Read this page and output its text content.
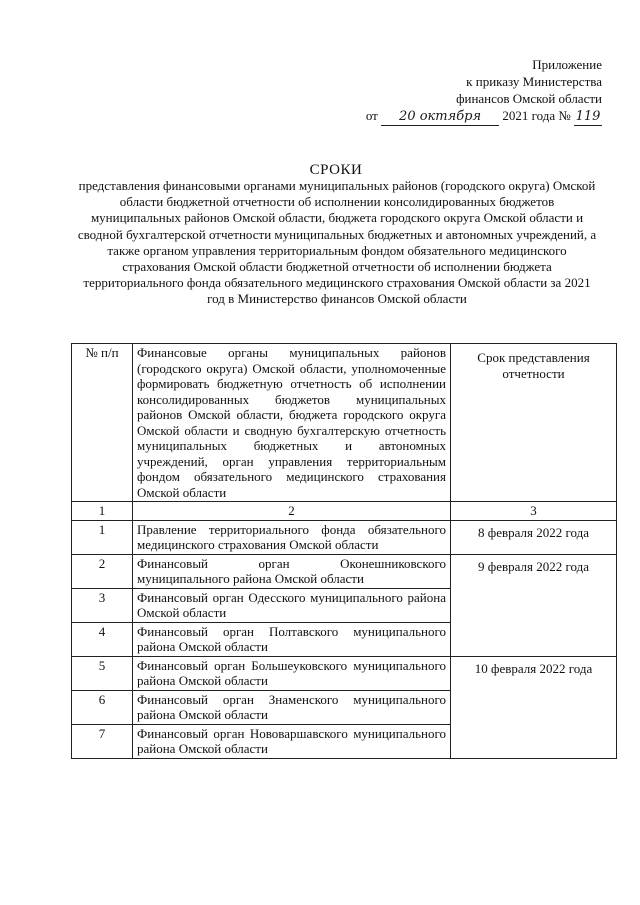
Приложение
к приказу Министерства
финансов Омской области
от 20 октября 2021 года № 119
СРОКИ
представления финансовыми органами муниципальных районов (городского округа) Омской области бюджетной отчетности об исполнении консолидированных бюджетов муниципальных районов Омской области, бюджета городского округа Омской области и сводной бухгалтерской отчетности муниципальных бюджетных и автономных учреждений, а также органом управления территориальным фондом обязательного медицинского страхования Омской области бюджетной отчетности об исполнении бюджета территориального фонда обязательного медицинского страхования Омской области за 2021 год в Министерство финансов Омской области
№ п/п	Финансовые органы муниципальных районов (городского округа) Омской области, уполномоченные формировать бюджетную отчетность об исполнении консолидированных бюджетов муниципальных районов Омской области, бюджета городского округа Омской области и сводную бухгалтерскую отчетность муниципальных бюджетных и автономных учреждений, орган управления территориальным фондом обязательного медицинского страхования Омской области	Срок представления отчетности
1	2	3
1	Правление территориального фонда обязательного медицинского страхования Омской области	8 февраля 2022 года
2	Финансовый орган Оконешниковского муниципального района Омской области	9 февраля 2022 года
3	Финансовый орган Одесского муниципального района Омской области	
4	Финансовый орган Полтавского муниципального района Омской области	
5	Финансовый орган Большеуковского муниципального района Омской области	10 февраля 2022 года
6	Финансовый орган Знаменского муниципального района Омской области	
7	Финансовый орган Нововаршавского муниципального района Омской области	
